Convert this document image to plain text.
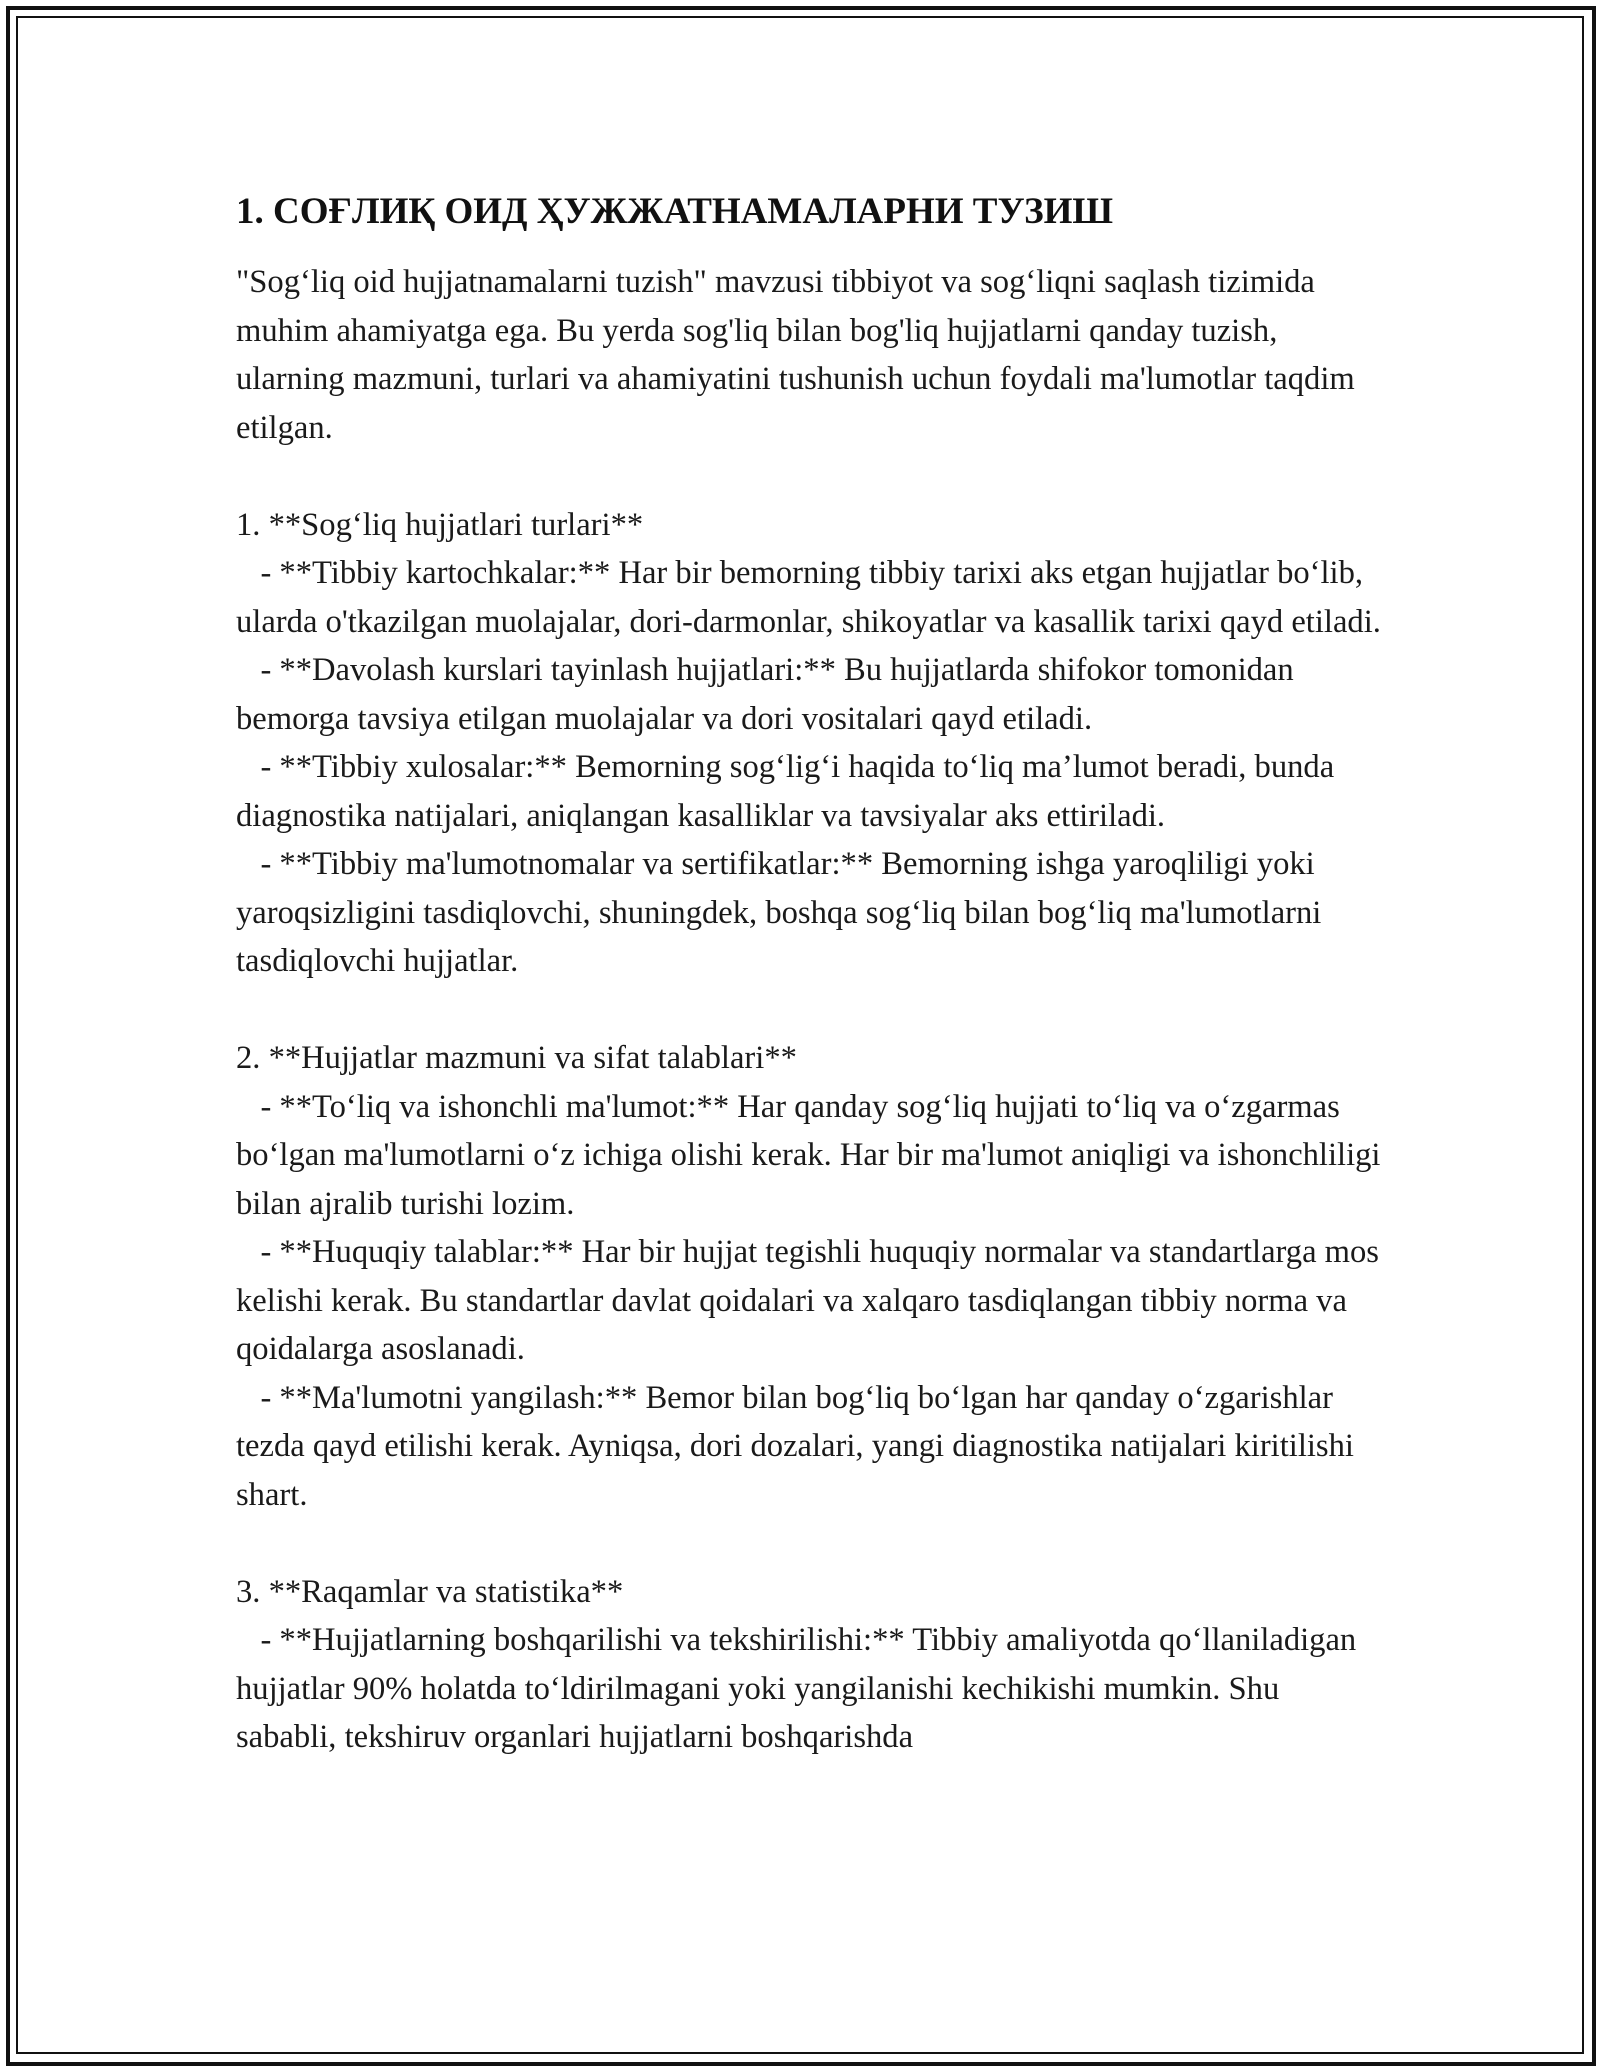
1. СОҒЛИҚ ОИД ҲУЖЖАТНАМАЛАРНИ ТУЗИШ

"Sog‘liq oid hujjatnamalarni tuzish" mavzusi tibbiyot va sog‘liqni saqlash tizimida muhim ahamiyatga ega. Bu yerda sog'liq bilan bog'liq hujjatlarni qanday tuzish, ularning mazmuni, turlari va ahamiyatini tushunish uchun foydali ma'lumotlar taqdim etilgan.

1. **Sog‘liq hujjatlari turlari**

- **Tibbiy kartochkalar:** Har bir bemorning tibbiy tarixi aks etgan hujjatlar bo‘lib, ularda o'tkazilgan muolajalar, dori-darmonlar, shikoyatlar va kasallik tarixi qayd etiladi.

- **Davolash kurslari tayinlash hujjatlari:** Bu hujjatlarda shifokor tomonidan bemorga tavsiya etilgan muolajalar va dori vositalari qayd etiladi.

- **Tibbiy xulosalar:** Bemorning sog‘lig‘i haqida to‘liq ma’lumot beradi, bunda diagnostika natijalari, aniqlangan kasalliklar va tavsiyalar aks ettiriladi.

- **Tibbiy ma'lumotnomalar va sertifikatlar:** Bemorning ishga yaroqliligi yoki yaroqsizligini tasdiqlovchi, shuningdek, boshqa sog‘liq bilan bog‘liq ma'lumotlarni tasdiqlovchi hujjatlar.

2. **Hujjatlar mazmuni va sifat talablari**

- **To‘liq va ishonchli ma'lumot:** Har qanday sog‘liq hujjati to‘liq va o‘zgarmas bo‘lgan ma'lumotlarni o‘z ichiga olishi kerak. Har bir ma'lumot aniqligi va ishonchliligi bilan ajralib turishi lozim.

- **Huquqiy talablar:** Har bir hujjat tegishli huquqiy normalar va standartlarga mos kelishi kerak. Bu standartlar davlat qoidalari va xalqaro tasdiqlangan tibbiy norma va qoidalarga asoslanadi.

- **Ma'lumotni yangilash:** Bemor bilan bog‘liq bo‘lgan har qanday o‘zgarishlar tezda qayd etilishi kerak. Ayniqsa, dori dozalari, yangi diagnostika natijalari kiritilishi shart.

3. **Raqamlar va statistika**

- **Hujjatlarning boshqarilishi va tekshirilishi:** Tibbiy amaliyotda qo‘llaniladigan hujjatlar 90% holatda to‘ldirilmagani yoki yangilanishi kechikishi mumkin. Shu sababli, tekshiruv organlari hujjatlarni boshqarishda
